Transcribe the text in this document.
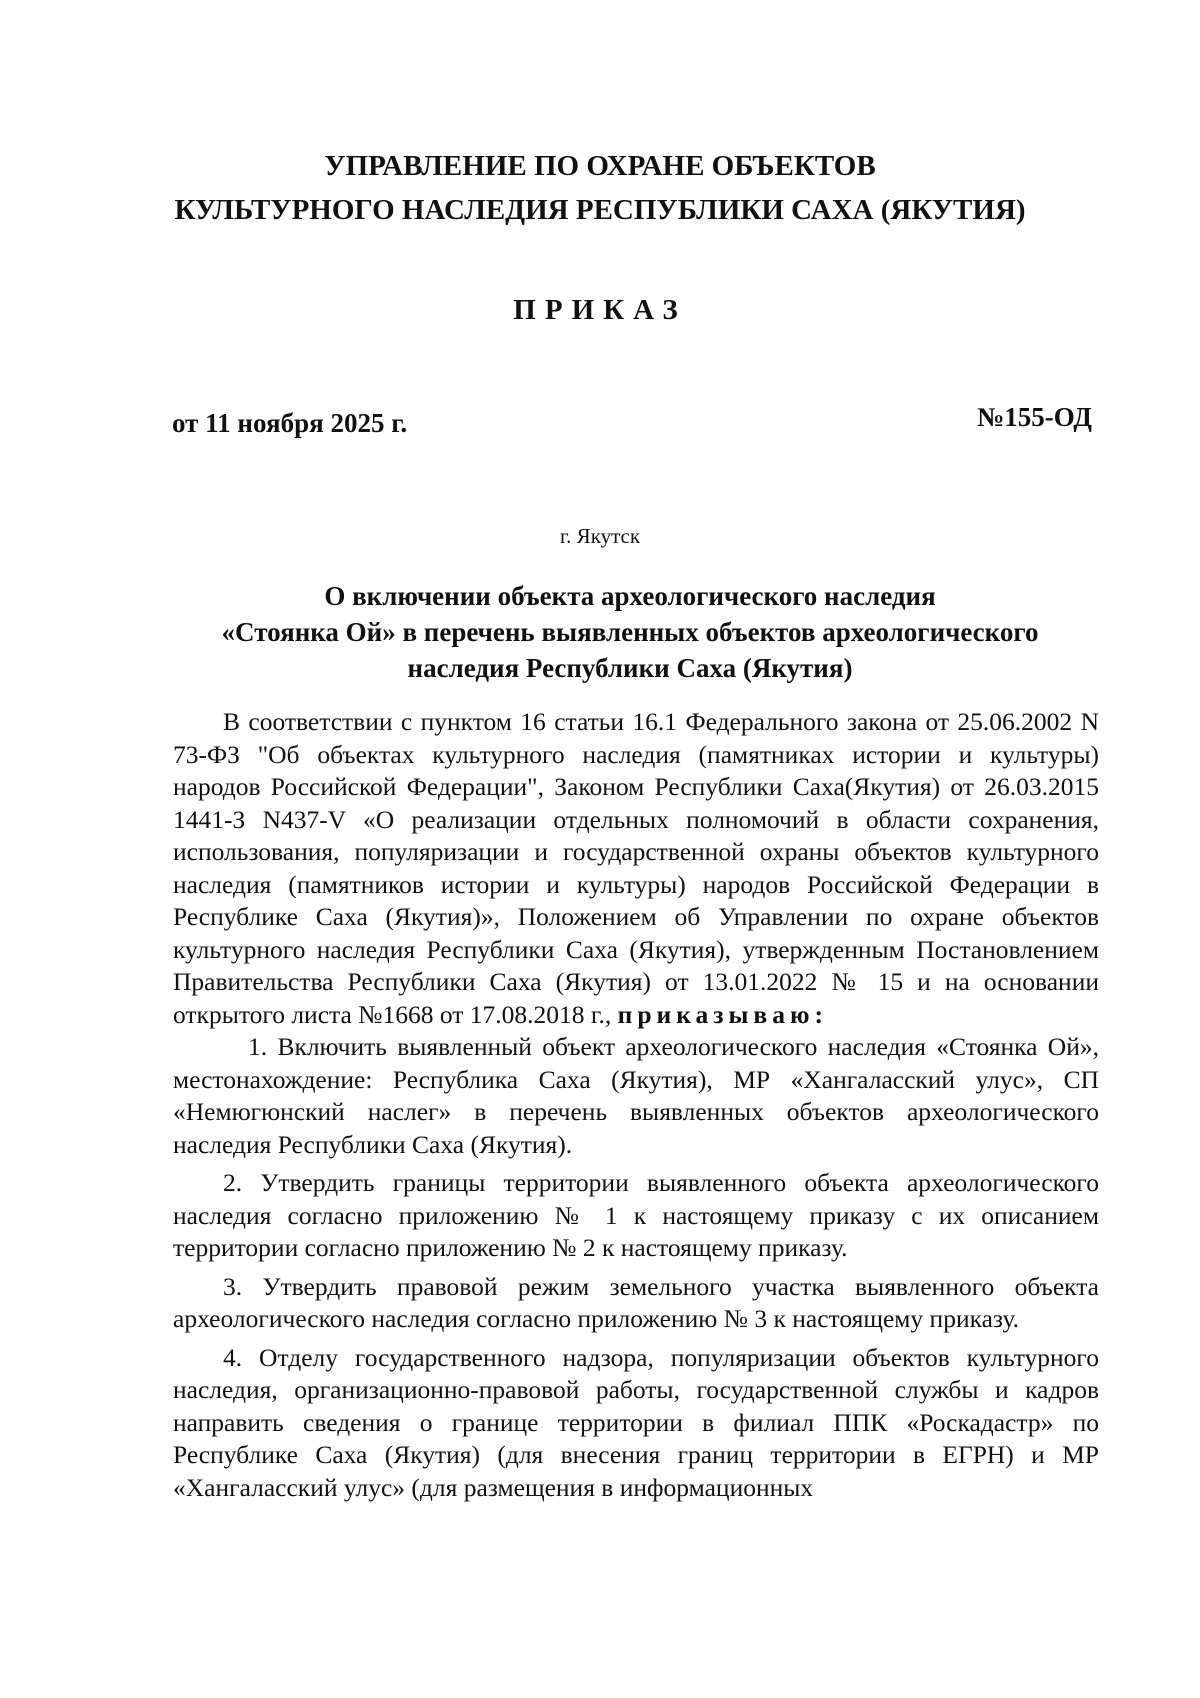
УПРАВЛЕНИЕ ПО ОХРАНЕ ОБЪЕКТОВ
КУЛЬТУРНОГО НАСЛЕДИЯ РЕСПУБЛИКИ САХА (ЯКУТИЯ)
ПРИКАЗ
от 11 ноября 2025 г.	№155-ОД
г. Якутск
О включении объекта археологического наследия
«Стоянка Ой» в перечень выявленных объектов археологического
наследия Республики Саха (Якутия)

В соответствии с пунктом 16 статьи 16.1 Федерального закона от 25.06.2002 N 73-ФЗ "Об объектах культурного наследия (памятниках истории и культуры) народов Российской Федерации", Законом Республики Саха(Якутия) от 26.03.2015 1441-З N437-V «О реализации отдельных полномочий в области сохранения, использования, популяризации и государственной охраны объектов культурного наследия (памятников истории и культуры) народов Российской Федерации в Республике Саха (Якутия)», Положением об Управлении по охране объектов культурного наследия Республики Саха (Якутия), утвержденным Постановлением Правительства Республики Саха (Якутия) от 13.01.2022 № 15 и на основании открытого листа №1668 от 17.08.2018 г., приказываю:

1. Включить выявленный объект археологического наследия «Стоянка Ой», местонахождение: Республика Саха (Якутия), МР «Хангаласский улус», СП «Немюгюнский наслег» в перечень выявленных объектов археологического наследия Республики Саха (Якутия).

2. Утвердить границы территории выявленного объекта археологического наследия согласно приложению № 1 к настоящему приказу с их описанием территории согласно приложению № 2 к настоящему приказу.

3. Утвердить правовой режим земельного участка выявленного объекта археологического наследия согласно приложению № 3 к настоящему приказу.

4. Отделу государственного надзора, популяризации объектов культурного наследия, организационно-правовой работы, государственной службы и кадров направить сведения о границе территории в филиал ППК «Роскадастр» по Республике Саха (Якутия) (для внесения границ территории в ЕГРН) и МР «Хангаласский улус» (для размещения в информационных
